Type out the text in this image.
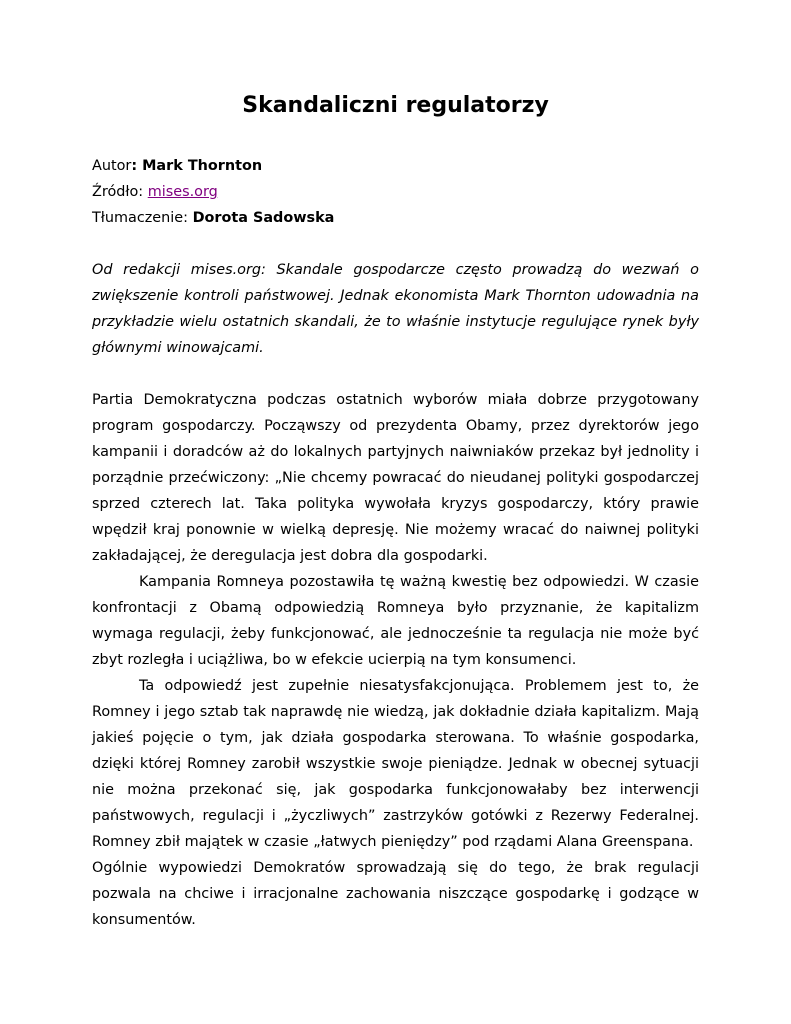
Skandaliczni regulatorzy
Autor: Mark Thornton
Źródło: mises.org
Tłumaczenie: Dorota Sadowska

Od redakcji mises.org: Skandale gospodarcze często prowadzą do wezwań o zwiększenie kontroli państwowej. Jednak ekonomista Mark Thornton udowadnia na przykładzie wielu ostatnich skandali, że to właśnie instytucje regulujące rynek były głównymi winowajcami.

Partia Demokratyczna podczas ostatnich wyborów miała dobrze przygotowany program gospodarczy. Począwszy od prezydenta Obamy, przez dyrektorów jego kampanii i doradców aż do lokalnych partyjnych naiwniaków przekaz był jednolity i porządnie przećwiczony: „Nie chcemy powracać do nieudanej polityki gospodarczej sprzed czterech lat. Taka polityka wywołała kryzys gospodarczy, który prawie wpędził kraj ponownie w wielką depresję. Nie możemy wracać do naiwnej polityki zakładającej, że deregulacja jest dobra dla gospodarki.

Kampania Romneya pozostawiła tę ważną kwestię bez odpowiedzi. W czasie konfrontacji z Obamą odpowiedzią Romneya było przyznanie, że kapitalizm wymaga regulacji, żeby funkcjonować, ale jednocześnie ta regulacja nie może być zbyt rozległa i uciążliwa, bo w efekcie ucierpią na tym konsumenci.

Ta odpowiedź jest zupełnie niesatysfakcjonująca. Problemem jest to, że Romney i jego sztab tak naprawdę nie wiedzą, jak dokładnie działa kapitalizm. Mają jakieś pojęcie o tym, jak działa gospodarka sterowana. To właśnie gospodarka, dzięki której Romney zarobił wszystkie swoje pieniądze. Jednak w obecnej sytuacji nie można przekonać się, jak gospodarka funkcjonowałaby bez interwencji państwowych, regulacji i „życzliwych” zastrzyków gotówki z Rezerwy Federalnej. Romney zbił majątek w czasie „łatwych pieniędzy” pod rządami Alana Greenspana.

Ogólnie wypowiedzi Demokratów sprowadzają się do tego, że brak regulacji pozwala na chciwe i irracjonalne zachowania niszczące gospodarkę i godzące w konsumentów.
